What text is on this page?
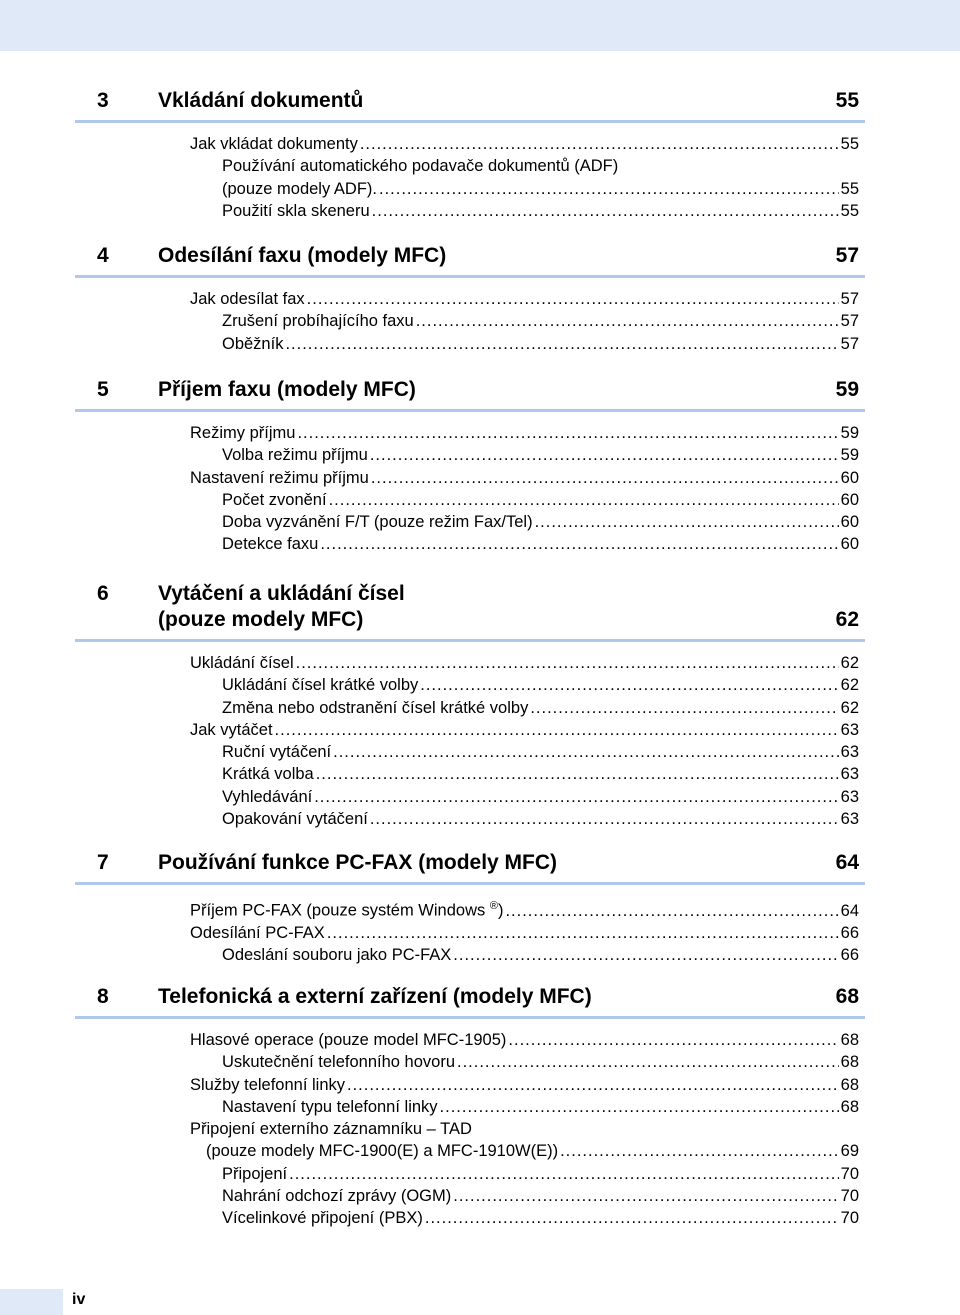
3 Vkládání dokumentů	55
Jak vkládat dokumenty .....	55
Používání automatického podavače dokumentů (ADF)
(pouze modely ADF). .....	55
Použití skla skeneru .....	55
4 Odesílání faxu (modely MFC)	57
Jak odesílat fax .....	57
Zrušení probíhajícího faxu .....	57
Oběžník .....	57
5 Příjem faxu (modely MFC)	59
Režimy příjmu .....	59
Volba režimu příjmu .....	59
Nastavení režimu příjmu .....	60
Počet zvonění .....	60
Doba vyzvánění F/T (pouze režim Fax/Tel) .....	60
Detekce faxu .....	60
6 Vytáčení a ukládání čísel
(pouze modely MFC)	62
Ukládání čísel .....	62
Ukládání čísel krátké volby .....	62
Změna nebo odstranění čísel krátké volby .....	62
Jak vytáčet .....	63
Ruční vytáčení .....	63
Krátká volba .....	63
Vyhledávání .....	63
Opakování vytáčení .....	63
7 Používání funkce PC-FAX (modely MFC)	64
Příjem PC-FAX (pouze systém Windows ®) .....	64
Odesílání PC-FAX .....	66
Odeslání souboru jako PC-FAX .....	66
8 Telefonická a externí zařízení (modely MFC)	68
Hlasové operace (pouze model MFC-1905) .....	68
Uskutečnění telefonního hovoru .....	68
Služby telefonní linky .....	68
Nastavení typu telefonní linky .....	68
Připojení externího záznamníku – TAD
(pouze modely MFC-1900(E) a MFC-1910W(E)) .....	69
Připojení .....	70
Nahrání odchozí zprávy (OGM) .....	70
Vícelinkové připojení (PBX) .....	70
iv
